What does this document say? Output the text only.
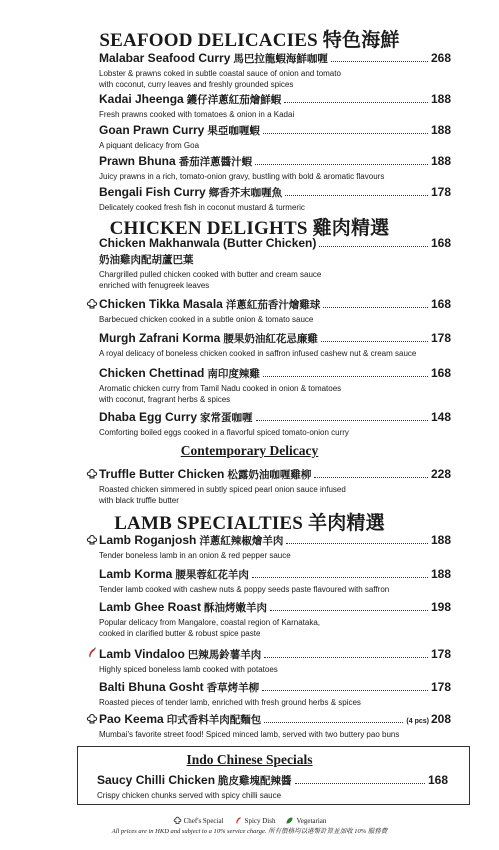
SEAFOOD DELICACIES 特色海鮮
Malabar Seafood Curry 馬巴拉龍蝦海鮮咖喱	268
Lobster & prawns coked in subtle coastal sauce of onion and tomato
with coconut, curry leaves and freshly grounded spices
Kadai Jheenga 鑊仔洋蔥紅茄燴鮮蝦	188
Fresh prawns cooked with tomatoes & onion in a Kadai
Goan Prawn Curry 果亞咖喱蝦	188
A piquant delicacy from Goa
Prawn Bhuna 番茄洋蔥醬汁蝦	188
Juicy prawns in a rich, tomato-onion gravy, bustling with bold & aromatic flavours
Bengali Fish Curry 鄉香芥末咖喱魚	178
Delicately cooked fresh fish in coconut mustard & turmeric
CHICKEN DELIGHTS 雞肉精選
Chicken Makhanwala (Butter Chicken)	168
奶油雞肉配胡蘆巴葉
Chargrilled pulled chicken cooked with butter and cream sauce
enriched with fenugreek leaves
Chicken Tikka Masala 洋蔥紅茄香汁燴雞球	168
Barbecued chicken cooked in a subtle onion & tomato sauce
Murgh Zafrani Korma 腰果奶油紅花忌廉雞	178
A royal delicacy of boneless chicken cooked in saffron infused cashew nut & cream sauce
Chicken Chettinad 南印度辣雞	168
Aromatic chicken curry from Tamil Nadu cooked in onion & tomatoes
with coconut, fragrant herbs & spices
Dhaba Egg Curry 家常蛋咖喱	148
Comforting boiled eggs cooked in a flavorful spiced tomato-onion curry
Contemporary Delicacy
Truffle Butter Chicken 松露奶油咖喱雞柳	228
Roasted chicken simmered in subtly spiced pearl onion sauce infused
with black truffle butter
LAMB SPECIALTIES 羊肉精選
Lamb Roganjosh 洋蔥紅辣椒燴羊肉	188
Tender boneless lamb in an onion & red pepper sauce
Lamb Korma 腰果蓉紅花羊肉	188
Tender lamb cooked with cashew nuts & poppy seeds paste flavoured with saffron
Lamb Ghee Roast 酥油烤嫩羊肉	198
Popular delicacy from Mangalore, coastal region of Karnataka,
cooked in clarified butter & robust spice paste
Lamb Vindaloo 巴辣馬鈴薯羊肉	178
Highly spiced boneless lamb cooked with potatoes
Balti Bhuna Gosht 香草烤羊柳	178
Roasted pieces of tender lamb, enriched with fresh ground herbs & spices
Pao Keema 印式香料羊肉配麵包	(4 pcs) 208
Mumbai's favorite street food! Spiced minced lamb, served with two buttery pao buns
Indo Chinese Specials
Saucy Chilli Chicken 脆皮雞塊配辣醬	168
Crispy chicken chunks served with spicy chilli sauce
Chef's Special	Spicy Dish	Vegetarian
All prices are in HKD and subject to a 10% service charge. 所有價格均以港幣計算並加收 10% 服務費
